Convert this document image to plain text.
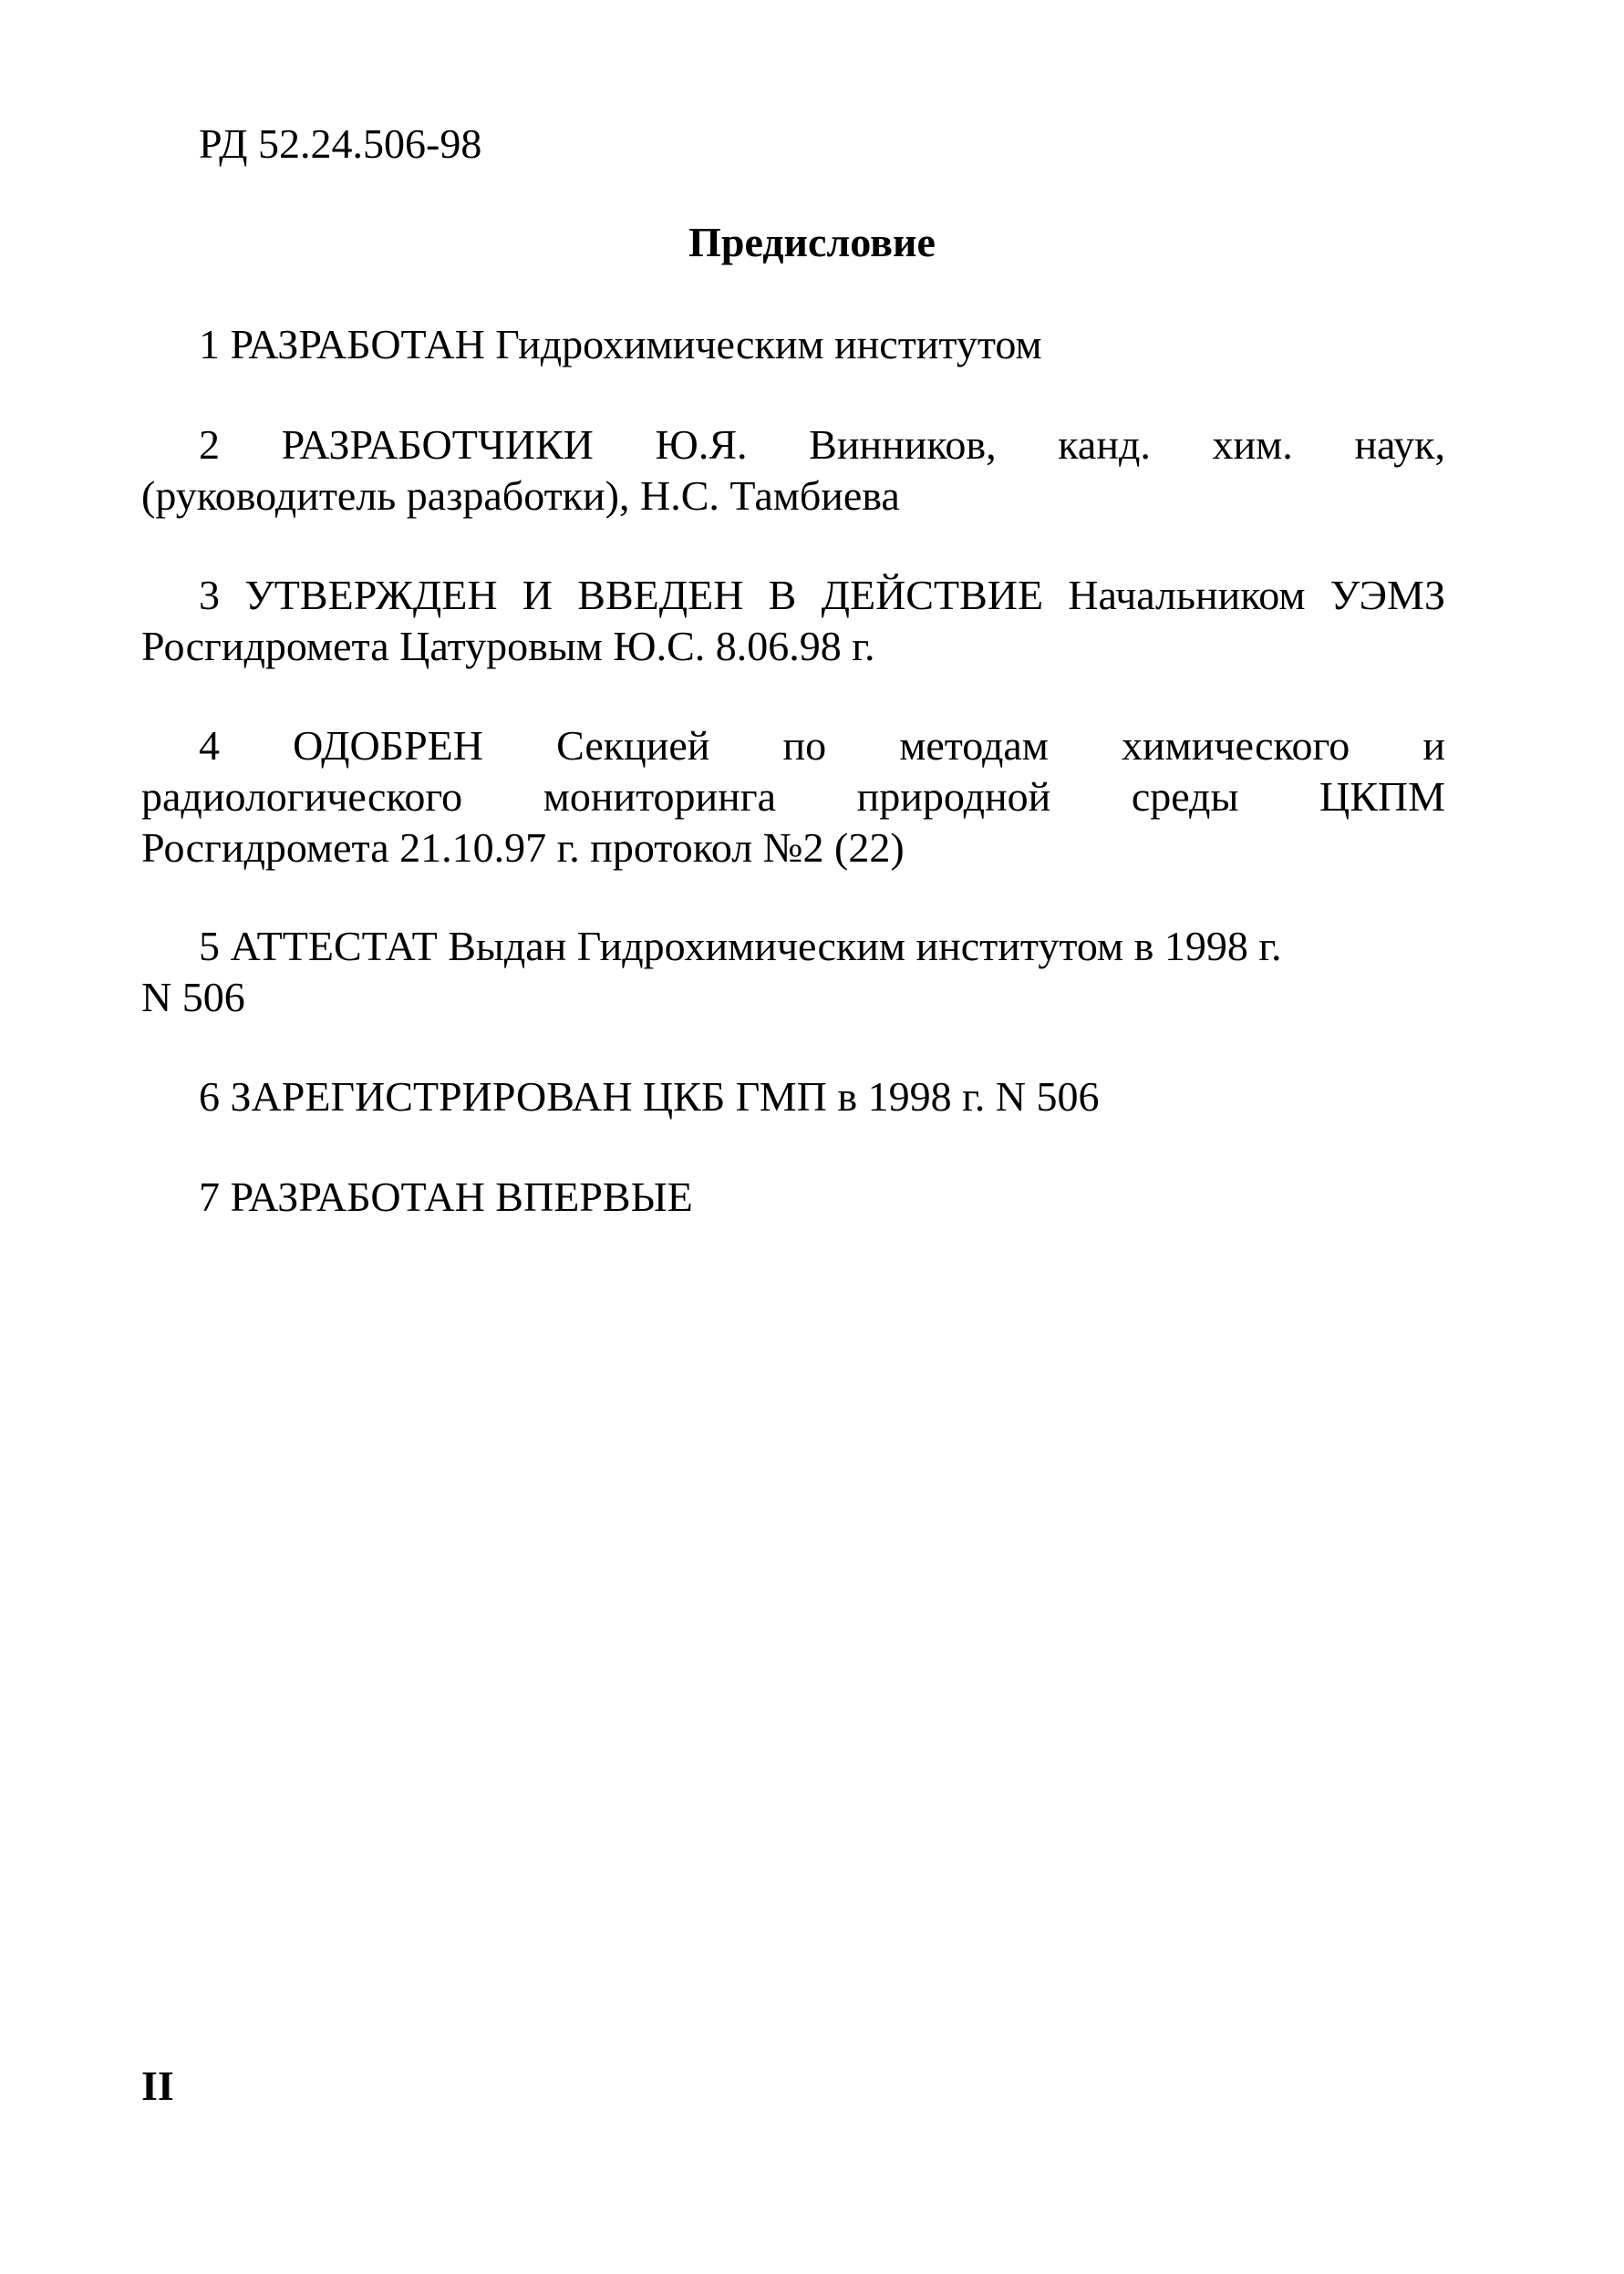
РД 52.24.506-98
Предисловие
1 РАЗРАБОТАН Гидрохимическим институтом
2 РАЗРАБОТЧИКИ Ю.Я. Винников, канд. хим. наук,
(руководитель разработки), Н.С. Тамбиева
3 УТВЕРЖДЕН И ВВЕДЕН В ДЕЙСТВИЕ Начальником УЭМЗ
Росгидромета Цатуровым Ю.С. 8.06.98 г.
4 ОДОБРЕН Секцией по методам химического и
радиологического мониторинга природной среды ЦКПМ
Росгидромета 21.10.97 г. протокол №2 (22)
5 АТТЕСТАТ Выдан Гидрохимическим институтом в 1998 г.
N 506
6 ЗАРЕГИСТРИРОВАН ЦКБ ГМП в 1998 г. N 506
7 РАЗРАБОТАН ВПЕРВЫЕ
II
